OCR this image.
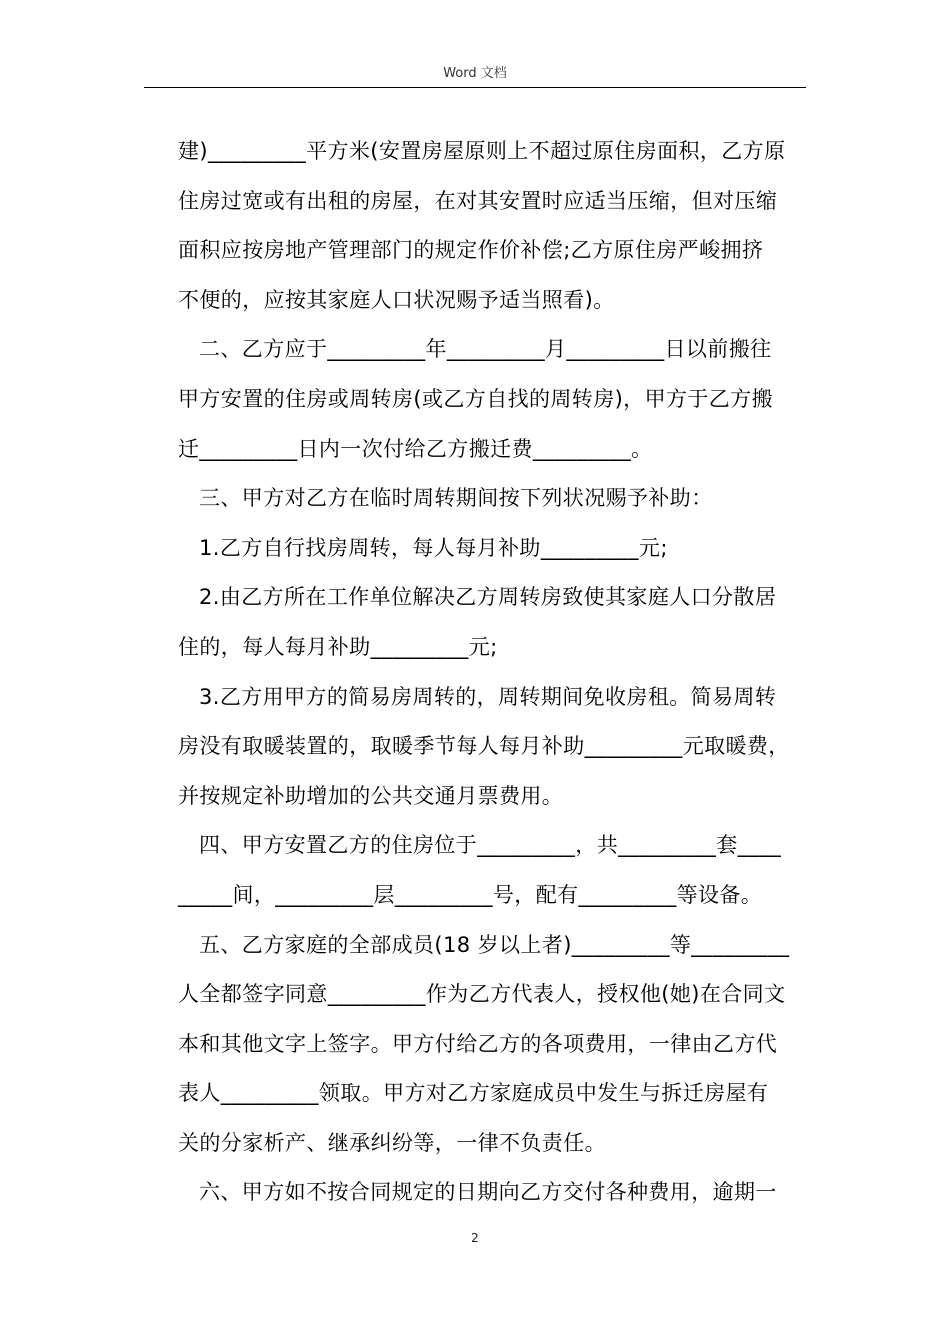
Word 文档

建)_________平方米(安置房屋原则上不超过原住房面积，乙方原

住房过宽或有出租的房屋，在对其安置时应适当压缩，但对压缩

面积应按房地产管理部门的规定作价补偿;乙方原住房严峻拥挤

不便的，应按其家庭人口状况赐予适当照看)。

二、乙方应于_________年_________月_________日以前搬往

甲方安置的住房或周转房(或乙方自找的周转房)，甲方于乙方搬

迁_________日内一次付给乙方搬迁费_________。

三、甲方对乙方在临时周转期间按下列状况赐予补助：

1.乙方自行找房周转，每人每月补助_________元;

2.由乙方所在工作单位解决乙方周转房致使其家庭人口分散居

住的，每人每月补助_________元;

3.乙方用甲方的简易房周转的，周转期间免收房租。简易周转

房没有取暖装置的，取暖季节每人每月补助_________元取暖费，

并按规定补助增加的公共交通月票费用。

四、甲方安置乙方的住房位于_________，共_________套____

_____间，_________层_________号，配有_________等设备。

五、乙方家庭的全部成员(18 岁以上者)_________等_________

人全都签字同意_________作为乙方代表人，授权他(她)在合同文

本和其他文字上签字。甲方付给乙方的各项费用，一律由乙方代

表人_________领取。甲方对乙方家庭成员中发生与拆迁房屋有

关的分家析产、继承纠纷等，一律不负责任。

六、甲方如不按合同规定的日期向乙方交付各种费用，逾期一

2
